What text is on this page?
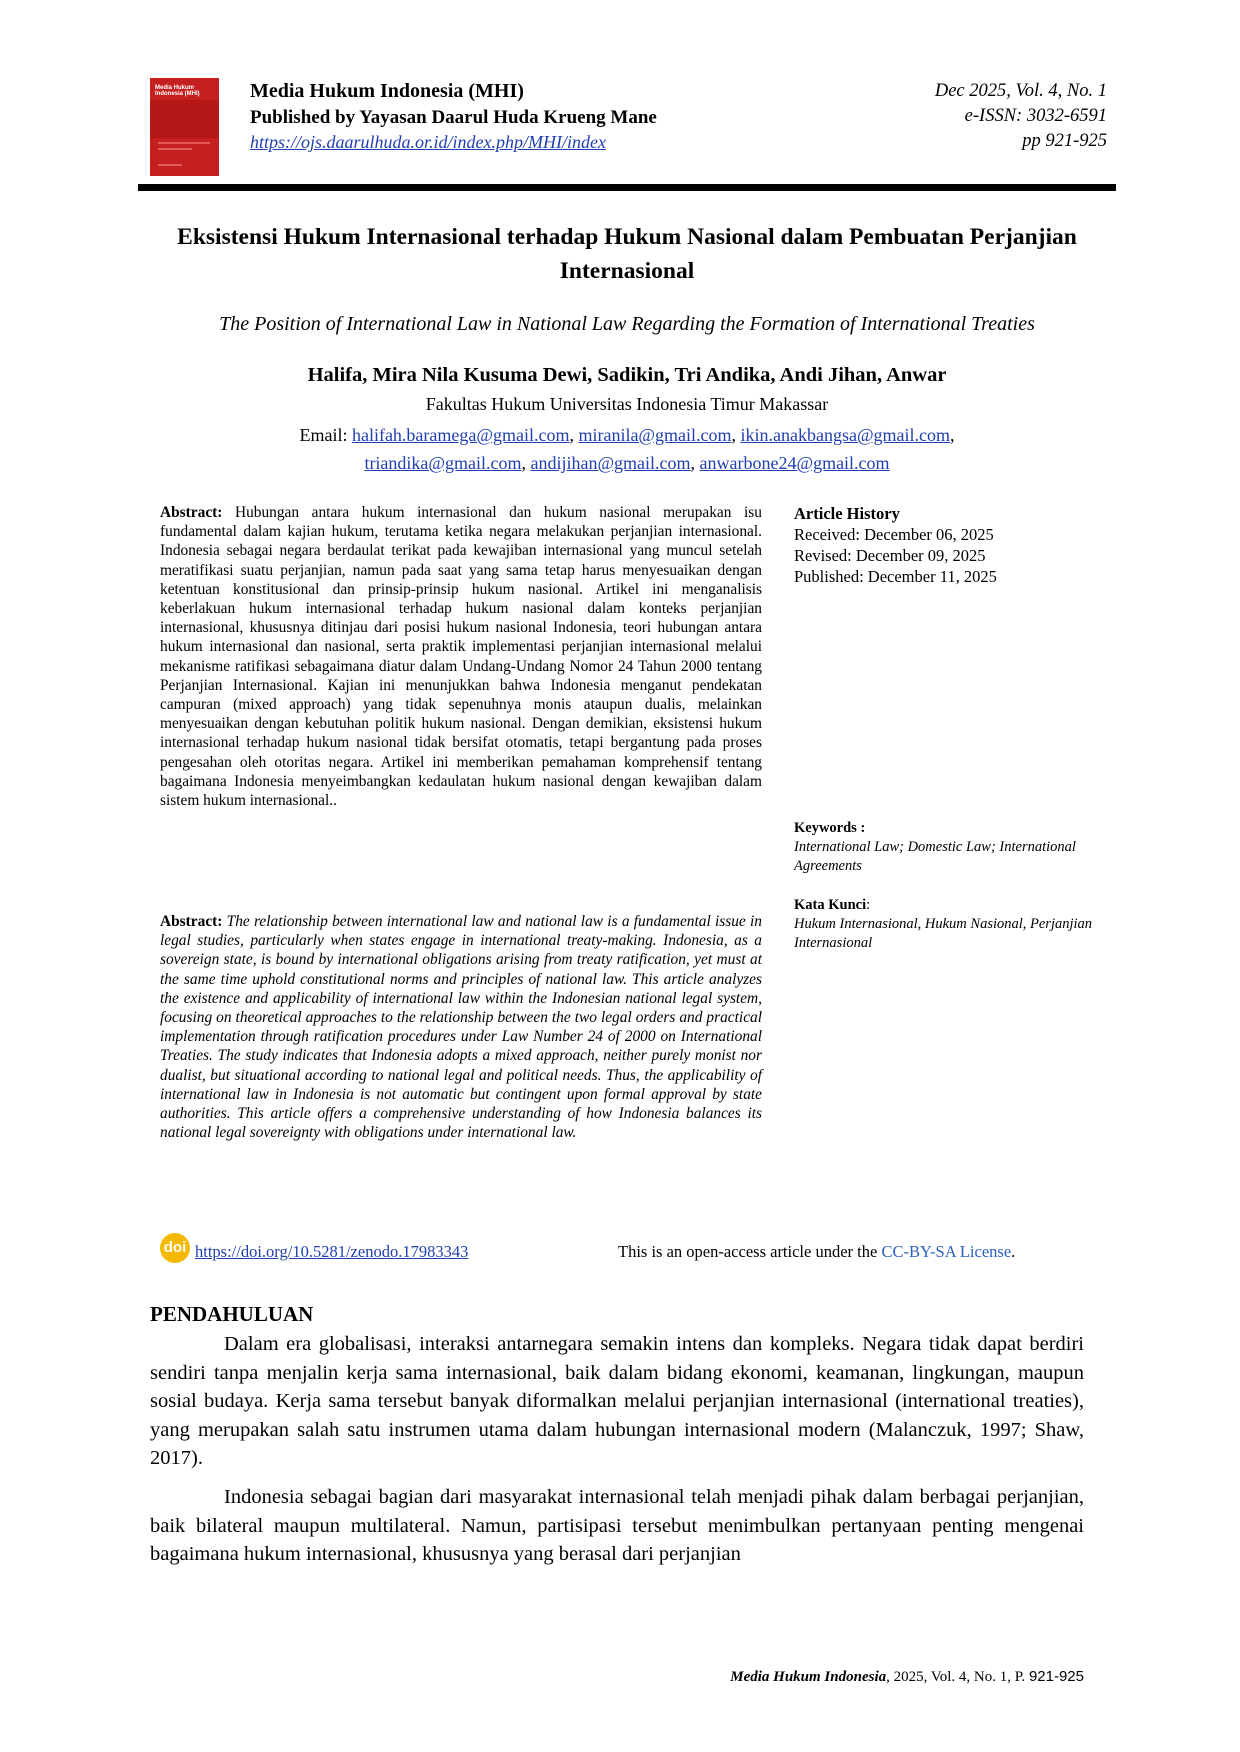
Media Hukum Indonesia (MHI)	Media Hukum Indonesia (MHI)
Published by Yayasan Daarul Huda Krueng Mane
https://ojs.daarulhuda.or.id/index.php/MHI/index
Dec 2025, Vol. 4, No. 1
e-ISSN: 3032-6591
pp 921-925
Eksistensi Hukum Internasional terhadap Hukum Nasional dalam Pembuatan Perjanjian Internasional
The Position of International Law in National Law Regarding the Formation of International Treaties
Halifa, Mira Nila Kusuma Dewi, Sadikin, Tri Andika, Andi Jihan, Anwar
Fakultas Hukum Universitas Indonesia Timur Makassar
Email: halifah.baramega@gmail.com, miranila@gmail.com, ikin.anakbangsa@gmail.com,
triandika@gmail.com, andijihan@gmail.com, anwarbone24@gmail.com
Abstract: Hubungan antara hukum internasional dan hukum nasional merupakan isu fundamental dalam kajian hukum, terutama ketika negara melakukan perjanjian internasional. Indonesia sebagai negara berdaulat terikat pada kewajiban internasional yang muncul setelah meratifikasi suatu perjanjian, namun pada saat yang sama tetap harus menyesuaikan dengan ketentuan konstitusional dan prinsip-prinsip hukum nasional. Artikel ini menganalisis keberlakuan hukum internasional terhadap hukum nasional dalam konteks perjanjian internasional, khususnya ditinjau dari posisi hukum nasional Indonesia, teori hubungan antara hukum internasional dan nasional, serta praktik implementasi perjanjian internasional melalui mekanisme ratifikasi sebagaimana diatur dalam Undang-Undang Nomor 24 Tahun 2000 tentang Perjanjian Internasional. Kajian ini menunjukkan bahwa Indonesia menganut pendekatan campuran (mixed approach) yang tidak sepenuhnya monis ataupun dualis, melainkan menyesuaikan dengan kebutuhan politik hukum nasional. Dengan demikian, eksistensi hukum internasional terhadap hukum nasional tidak bersifat otomatis, tetapi bergantung pada proses pengesahan oleh otoritas negara. Artikel ini memberikan pemahaman komprehensif tentang bagaimana Indonesia menyeimbangkan kedaulatan hukum nasional dengan kewajiban dalam sistem hukum internasional..
Abstract: The relationship between international law and national law is a fundamental issue in legal studies, particularly when states engage in international treaty-making. Indonesia, as a sovereign state, is bound by international obligations arising from treaty ratification, yet must at the same time uphold constitutional norms and principles of national law. This article analyzes the existence and applicability of international law within the Indonesian national legal system, focusing on theoretical approaches to the relationship between the two legal orders and practical implementation through ratification procedures under Law Number 24 of 2000 on International Treaties. The study indicates that Indonesia adopts a mixed approach, neither purely monist nor dualist, but situational according to national legal and political needs. Thus, the applicability of international law in Indonesia is not automatic but contingent upon formal approval by state authorities. This article offers a comprehensive understanding of how Indonesia balances its national legal sovereignty with obligations under international law.
Article History
Received: December 06, 2025
Revised: December 09, 2025
Published: December 11, 2025
Keywords :
International Law; Domestic Law; International Agreements
Kata Kunci:
Hukum Internasional, Hukum Nasional, Perjanjian Internasional
doi https://doi.org/10.5281/zenodo.17983343	This is an open-access article under the CC-BY-SA License.
PENDAHULUAN
Dalam era globalisasi, interaksi antarnegara semakin intens dan kompleks. Negara tidak dapat berdiri sendiri tanpa menjalin kerja sama internasional, baik dalam bidang ekonomi, keamanan, lingkungan, maupun sosial budaya. Kerja sama tersebut banyak diformalkan melalui perjanjian internasional (international treaties), yang merupakan salah satu instrumen utama dalam hubungan internasional modern (Malanczuk, 1997; Shaw, 2017).
Indonesia sebagai bagian dari masyarakat internasional telah menjadi pihak dalam berbagai perjanjian, baik bilateral maupun multilateral. Namun, partisipasi tersebut menimbulkan pertanyaan penting mengenai bagaimana hukum internasional, khususnya yang berasal dari perjanjian
Media Hukum Indonesia, 2025, Vol. 4, No. 1, P. 921-925
